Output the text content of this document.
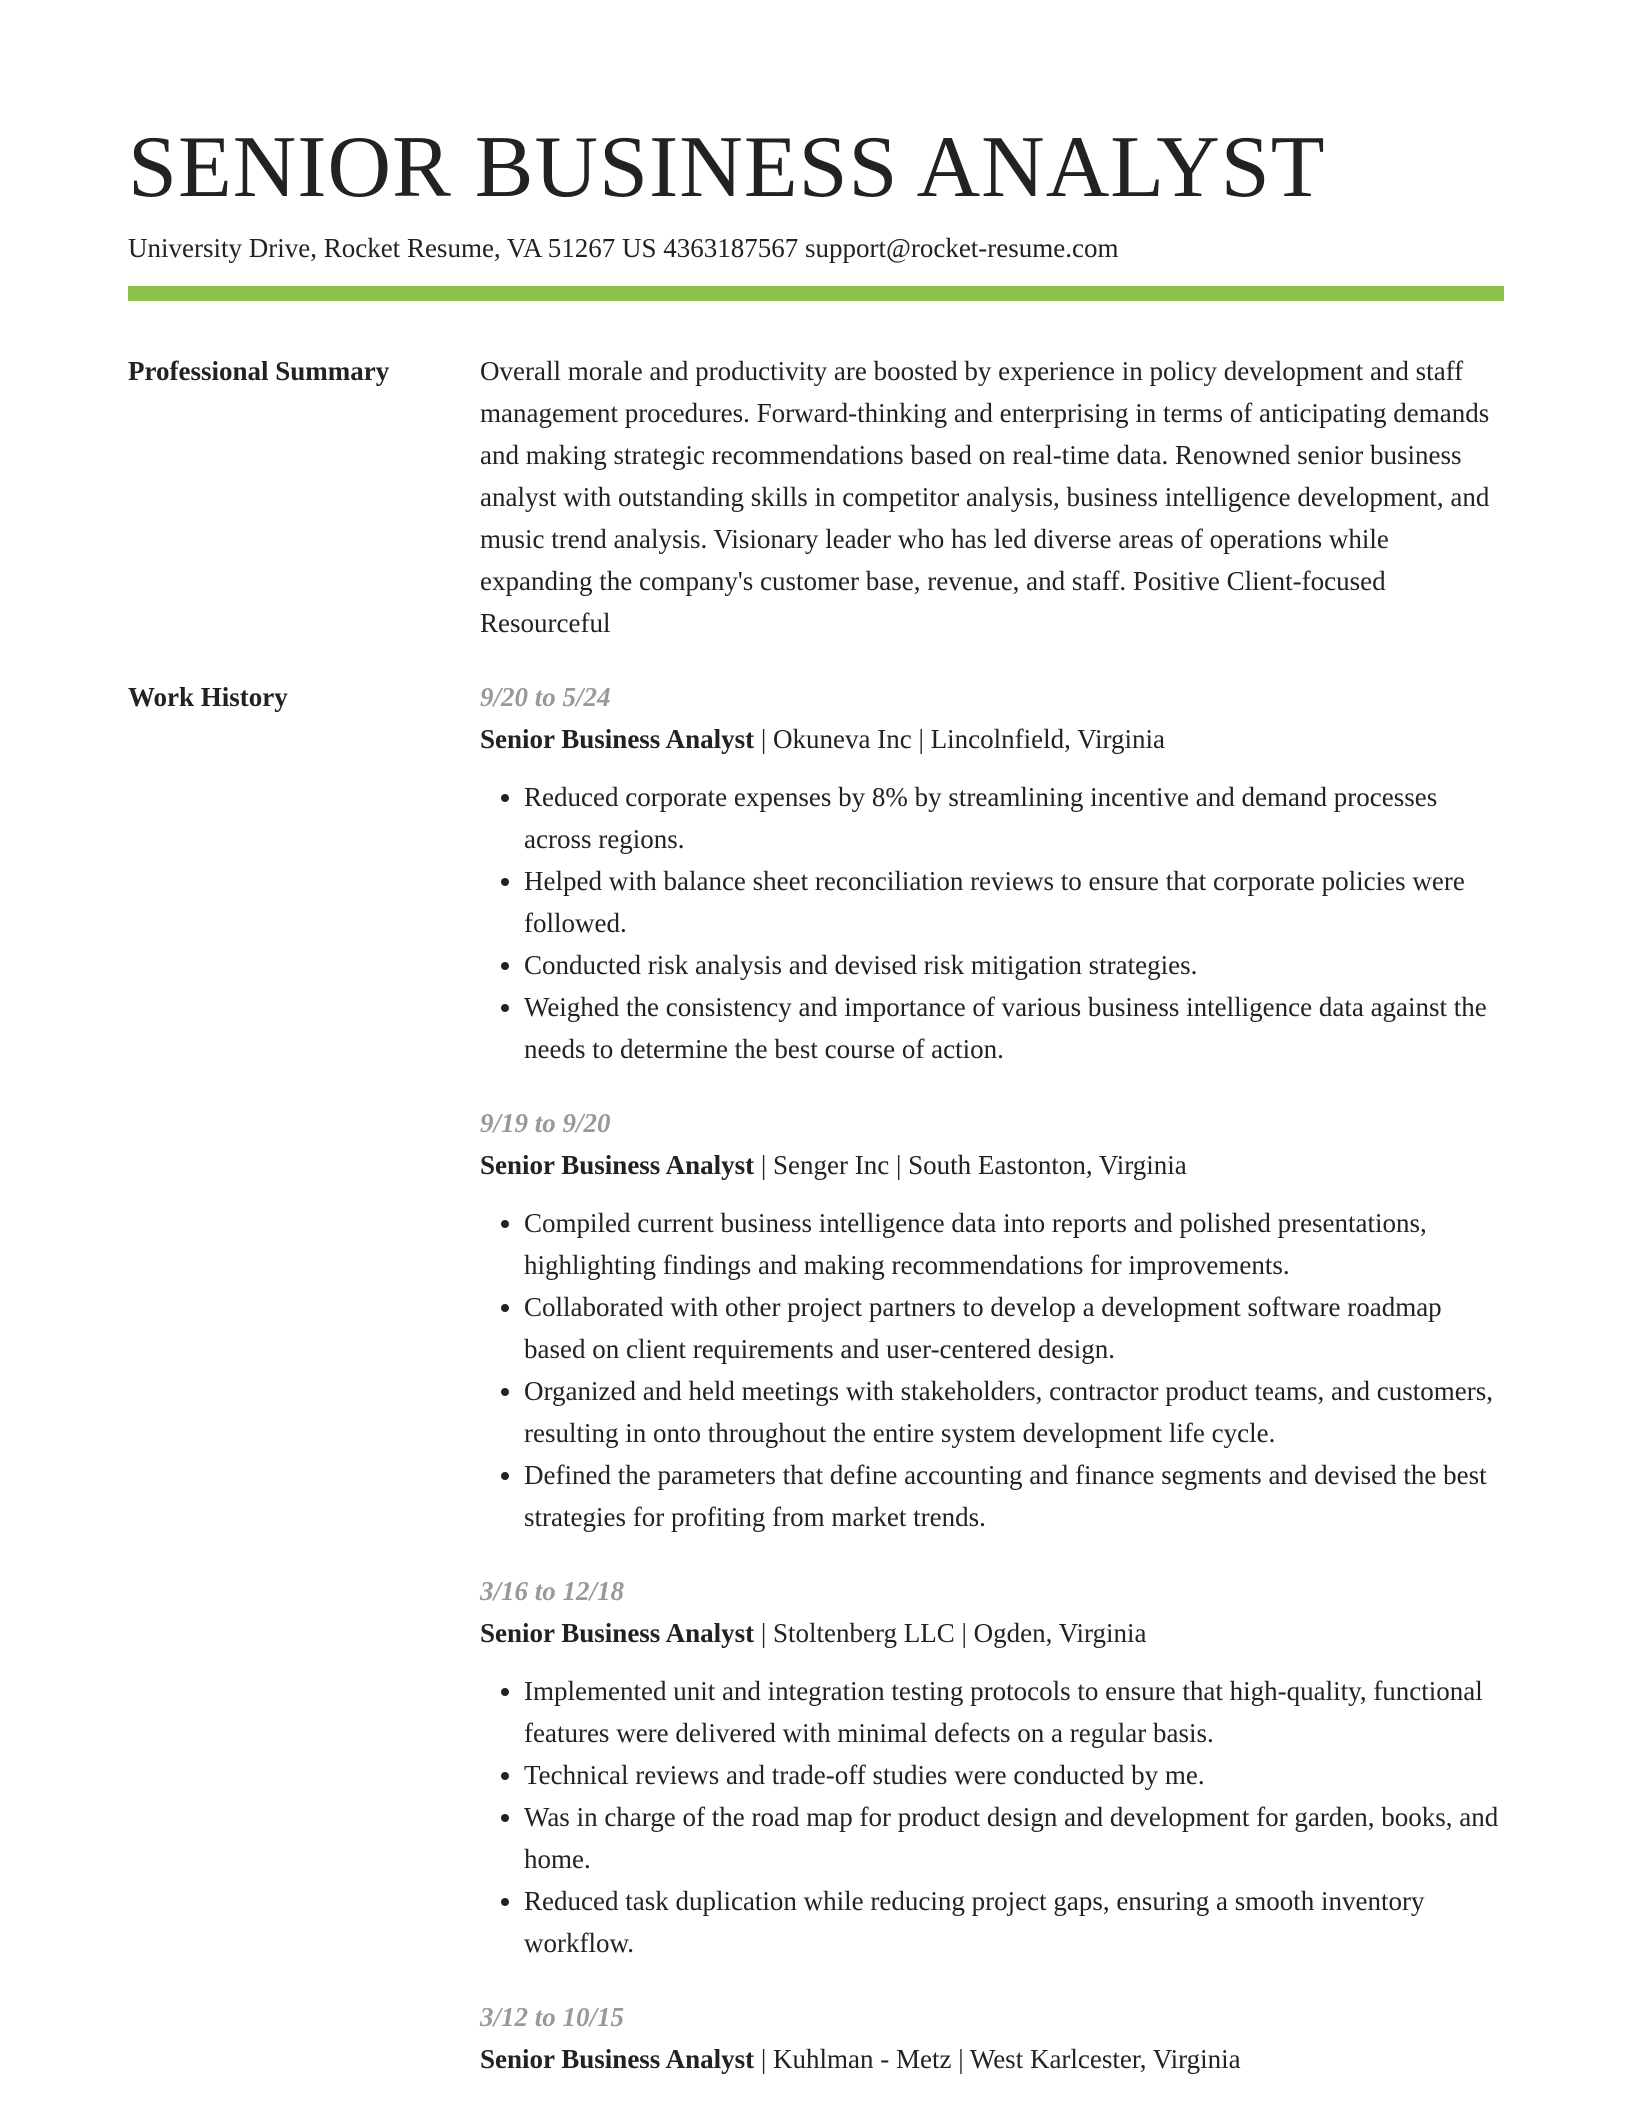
SENIOR BUSINESS ANALYST
University Drive, Rocket Resume, VA 51267 US 4363187567 support@rocket-resume.com
Professional Summary	Overall morale and productivity are boosted by experience in policy development and staff management procedures. Forward-thinking and enterprising in terms of anticipating demands and making strategic recommendations based on real-time data. Renowned senior business analyst with outstanding skills in competitor analysis, business intelligence development, and music trend analysis. Visionary leader who has led diverse areas of operations while expanding the company's customer base, revenue, and staff. Positive Client-focused Resourceful

Work History	9/20 to 5/24
Senior Business Analyst | Okuneva Inc | Lincolnfield, Virginia
• Reduced corporate expenses by 8% by streamlining incentive and demand processes across regions.
• Helped with balance sheet reconciliation reviews to ensure that corporate policies were followed.
• Conducted risk analysis and devised risk mitigation strategies.
• Weighed the consistency and importance of various business intelligence data against the needs to determine the best course of action.
9/19 to 9/20
Senior Business Analyst | Senger Inc | South Eastonton, Virginia
• Compiled current business intelligence data into reports and polished presentations, highlighting findings and making recommendations for improvements.
• Collaborated with other project partners to develop a development software roadmap based on client requirements and user-centered design.
• Organized and held meetings with stakeholders, contractor product teams, and customers, resulting in onto throughout the entire system development life cycle.
• Defined the parameters that define accounting and finance segments and devised the best strategies for profiting from market trends.
3/16 to 12/18
Senior Business Analyst | Stoltenberg LLC | Ogden, Virginia
• Implemented unit and integration testing protocols to ensure that high-quality, functional features were delivered with minimal defects on a regular basis.
• Technical reviews and trade-off studies were conducted by me.
• Was in charge of the road map for product design and development for garden, books, and home.
• Reduced task duplication while reducing project gaps, ensuring a smooth inventory workflow.
3/12 to 10/15
Senior Business Analyst | Kuhlman - Metz | West Karlcester, Virginia
